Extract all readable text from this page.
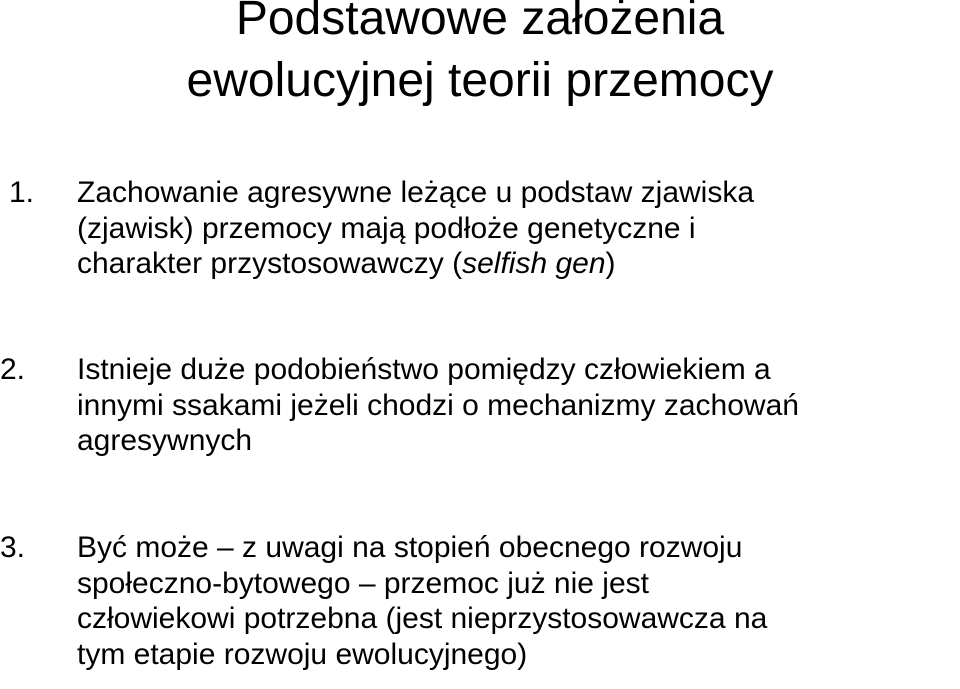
Podstawowe założenia
ewolucyjnej teorii przemocy
1. Zachowanie agresywne leżące u podstaw zjawiska
(zjawisk) przemocy mają podłoże genetyczne i
charakter przystosowawczy (selfish gen)
2. Istnieje duże podobieństwo pomiędzy człowiekiem a
innymi ssakami jeżeli chodzi o mechanizmy zachowań
agresywnych
3. Być może – z uwagi na stopień obecnego rozwoju
społeczno-bytowego – przemoc już nie jest
człowiekowi potrzebna (jest nieprzystosowawcza na
tym etapie rozwoju ewolucyjnego)
